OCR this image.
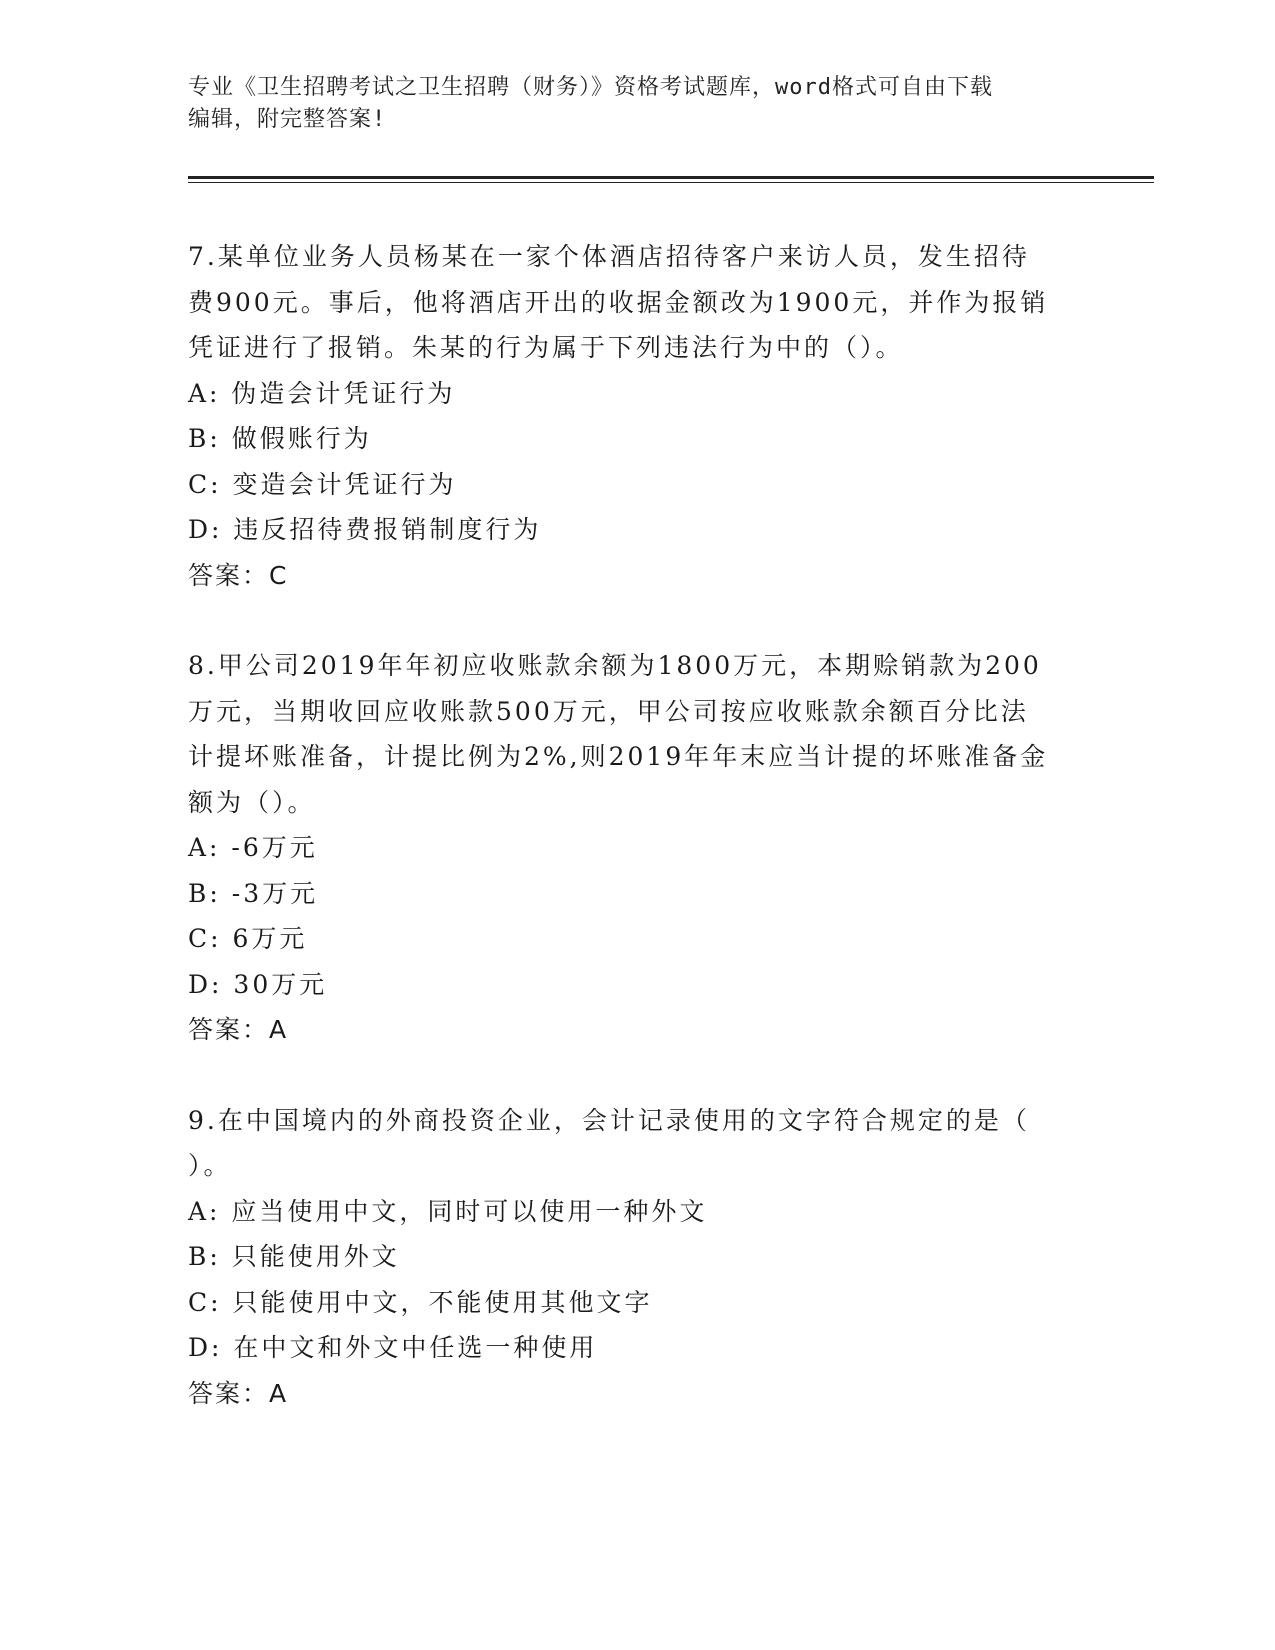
专业《卫生招聘考试之卫生招聘（财务）》资格考试题库，word格式可自由下载
编辑，附完整答案!

7.某单位业务人员杨某在一家个体酒店招待客户来访人员，发生招待

费900元。事后，他将酒店开出的收据金额改为1900元，并作为报销

凭证进行了报销。朱某的行为属于下列违法行为中的（）。

A: 伪造会计凭证行为

B: 做假账行为

C: 变造会计凭证行为

D: 违反招待费报销制度行为

答案：C

8.甲公司2019年年初应收账款余额为1800万元，本期赊销款为200

万元，当期收回应收账款500万元，甲公司按应收账款余额百分比法

计提坏账准备，计提比例为2%,则2019年年末应当计提的坏账准备金

额为（）。

A: -6万元

B: -3万元

C: 6万元

D: 30万元

答案：A

9.在中国境内的外商投资企业，会计记录使用的文字符合规定的是（

）。

A: 应当使用中文，同时可以使用一种外文

B: 只能使用外文

C: 只能使用中文，不能使用其他文字

D: 在中文和外文中任选一种使用

答案：A
